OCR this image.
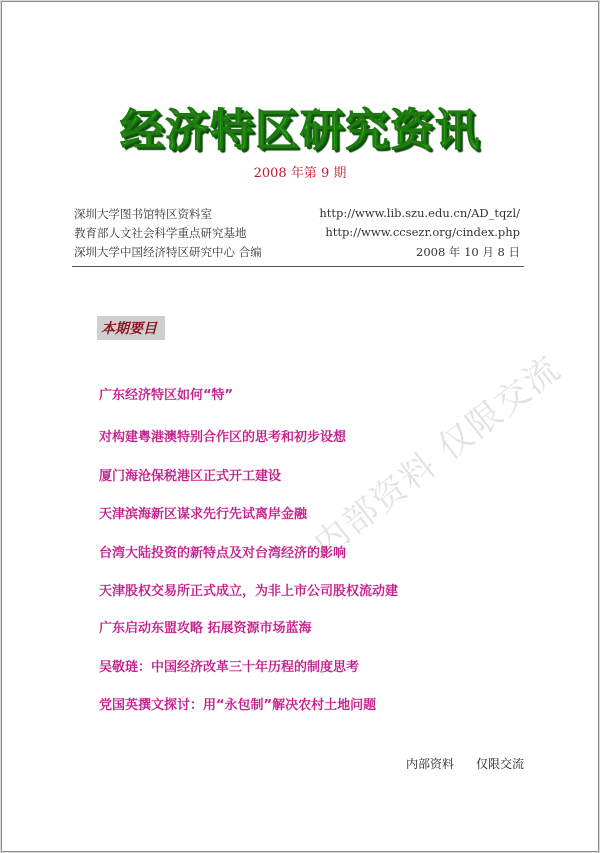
经济特区研究资讯
2008 年第 9 期
深圳大学图书馆特区资料室	http://www.lib.szu.edu.cn/AD_tqzl/
教育部人文社会科学重点研究基地	http://www.ccsezr.org/cindex.php
深圳大学中国经济特区研究中心 合编	2008 年 10 月 8 日
本期要目
内部资料 仅限交流
广东经济特区如何“特”
对构建粤港澳特别合作区的思考和初步设想
厦门海沧保税港区正式开工建设
天津滨海新区谋求先行先试离岸金融
台湾大陆投资的新特点及对台湾经济的影响
天津股权交易所正式成立，为非上市公司股权流动建
广东启动东盟攻略 拓展资源市场蓝海
吴敬琏：中国经济改革三十年历程的制度思考
党国英撰文探讨：用“永包制”解决农村土地问题
内部资料 仅限交流
